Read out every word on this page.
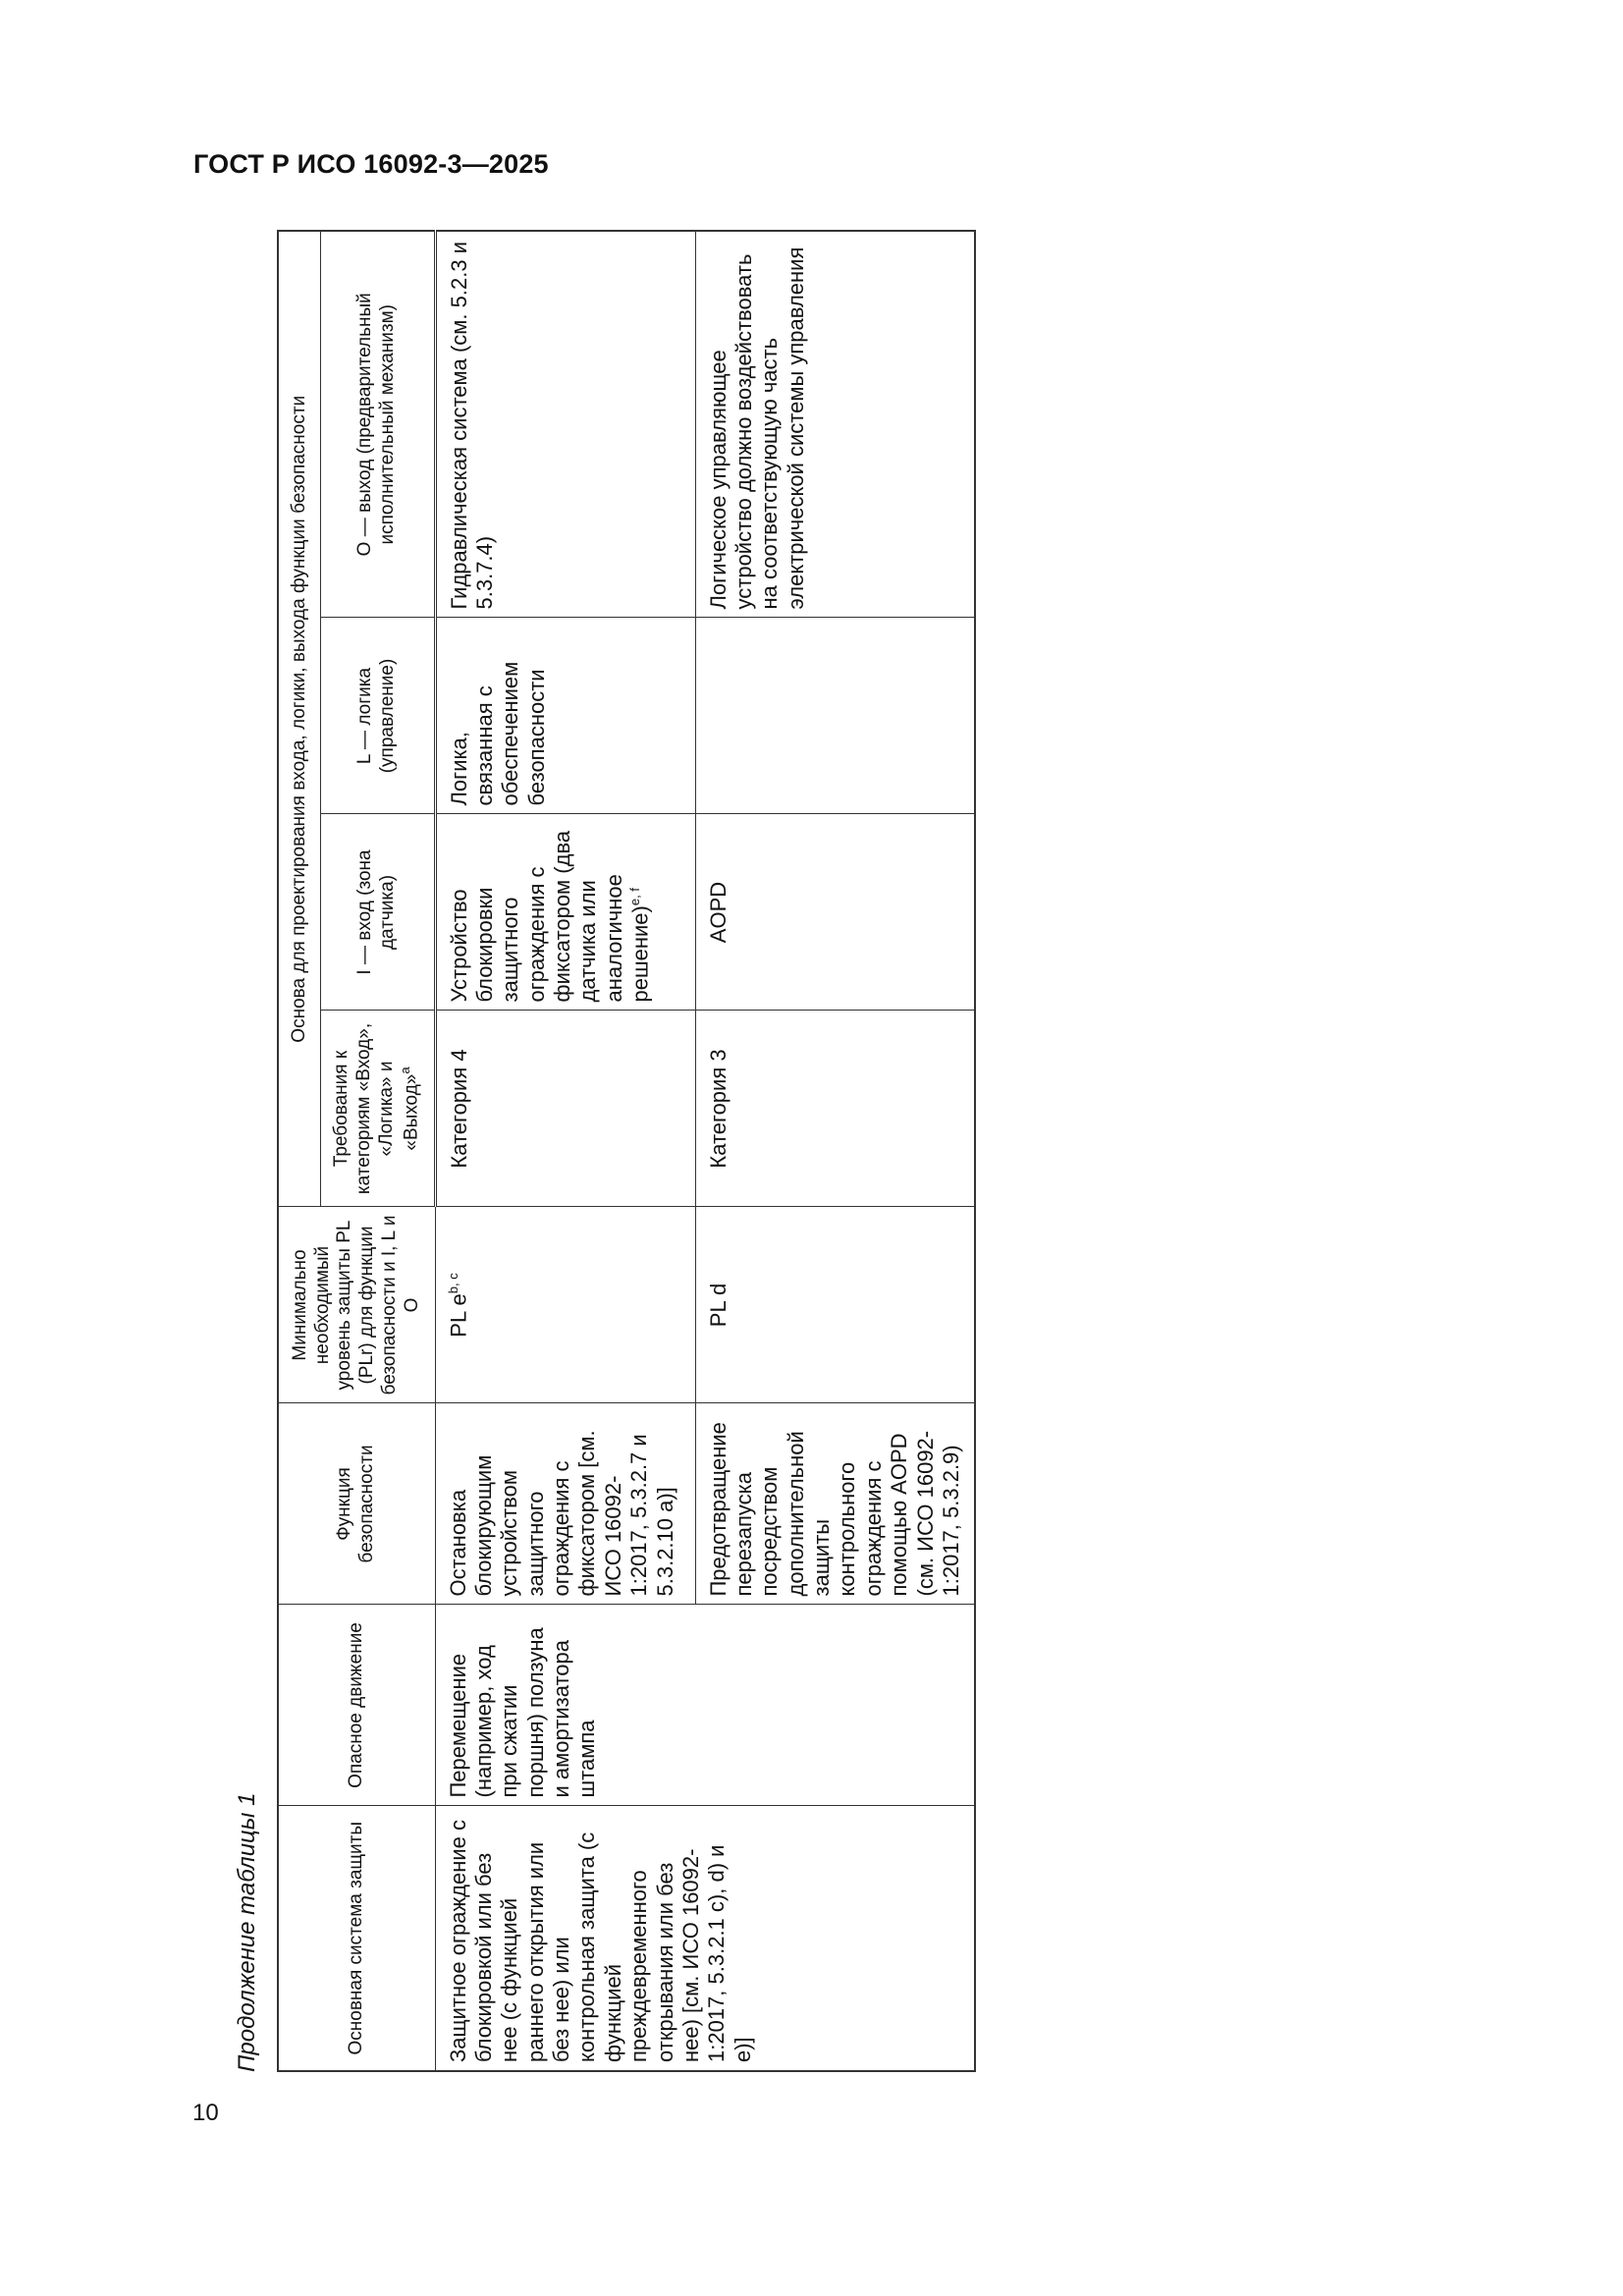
ГОСТ Р ИСО 16092-3—2025
Продолжение таблицы 1	Основная система защиты	Опасное движение	Функция безопасности	Минимально необходимый уровень защиты PL (PLr) для функции безопасности и I, L и O	Основа для проектирования входа, логики, выхода функции безопасности			
				Требования к категориям «Вход», «Логика» и «Выход»$^a$	I — вход (зона датчика)	L — логика (управление)	O — выход (предварительный исполнительный механизм)
Защитное ограждение с блокировкой или без нее (с функцией раннего открытия или без нее) или контрольная защита (с функцией преждевременного открывания или без нее) [см. ИСО 16092-1:2017, 5.3.2.1 c), d) и e)]	Перемещение (например, ход при сжатии поршня) ползуна и амортизатора штампа	Остановка блокирующим устройством защитного ограждения с фиксатором [см. ИСО 16092-1:2017, 5.3.2.7 и 5.3.2.10 a)]	PL $e^{b, c}$	Категория 4	Устройство блокировки защитного ограждения с фиксатором (два датчика или аналогичное решение)$^{e, f}$	Логика, связанная с обеспечением безопасности	Гидравлическая система (см. 5.2.3 и 5.3.7.4)
		Предотвращение перезапуска посредством дополнительной защиты контрольного ограждения с помощью AOPD (см. ИСО 16092-1:2017, 5.3.2.9)	PL d	Категория 3	AOPD		Логическое управляющее устройство должно воздействовать на соответствующую часть электрической системы управления
10
